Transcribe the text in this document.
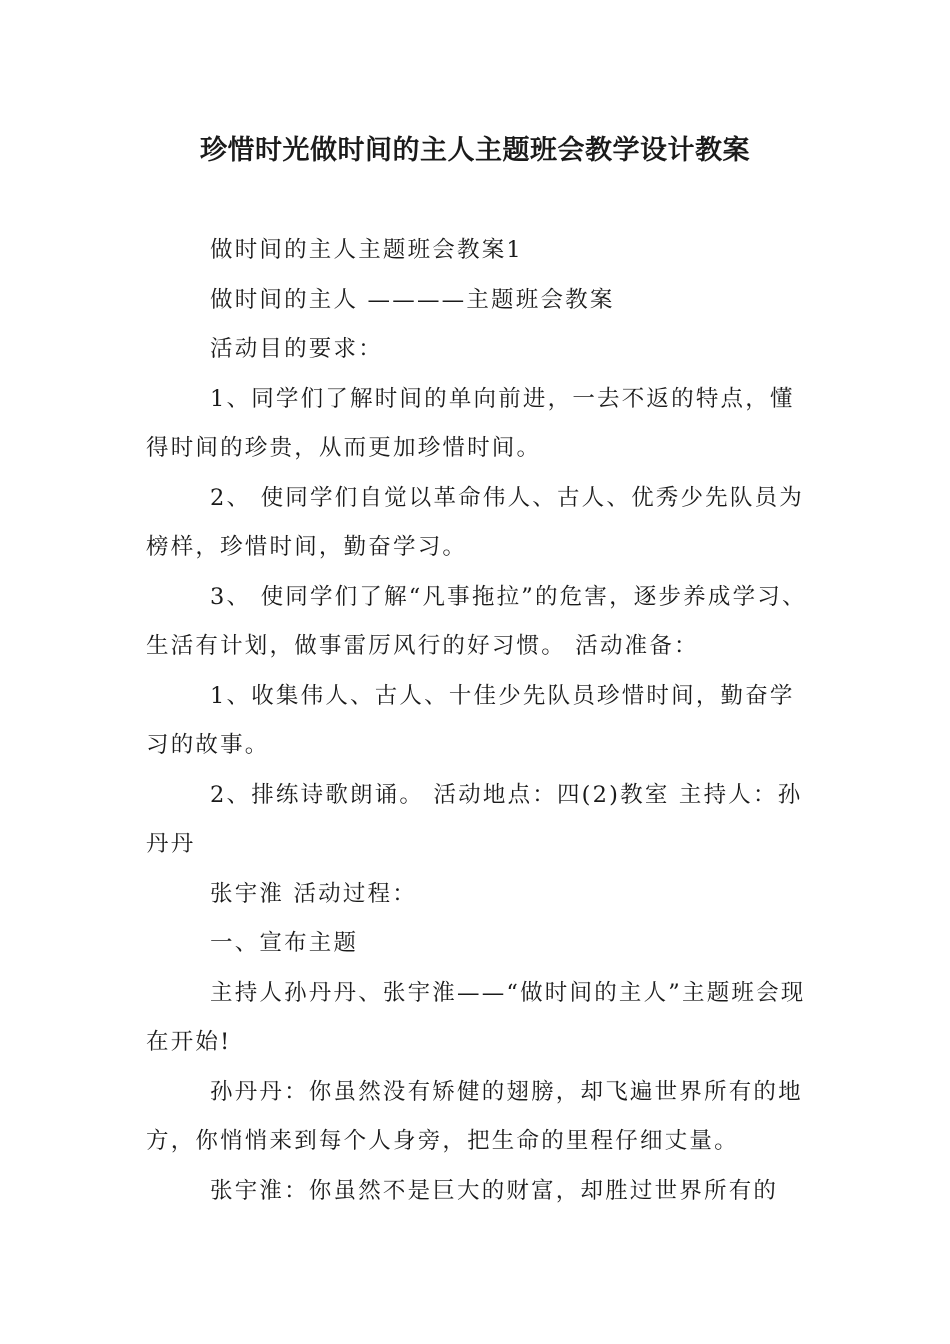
珍惜时光做时间的主人主题班会教学设计教案

做时间的主人主题班会教案1

做时间的主人 ————主题班会教案

活动目的要求：

1、同学们了解时间的单向前进，一去不返的特点，懂得时间的珍贵，从而更加珍惜时间。

2、 使同学们自觉以革命伟人、古人、优秀少先队员为榜样，珍惜时间，勤奋学习。

3、 使同学们了解“凡事拖拉”的危害，逐步养成学习、生活有计划，做事雷厉风行的好习惯。 活动准备：

1、收集伟人、古人、十佳少先队员珍惜时间，勤奋学习的故事。

2、排练诗歌朗诵。 活动地点：四(2)教室 主持人：孙丹丹

张宇淮 活动过程：

一、宣布主题

主持人孙丹丹、张宇淮——“做时间的主人”主题班会现在开始!

孙丹丹：你虽然没有矫健的翅膀，却飞遍世界所有的地方，你悄悄来到每个人身旁，把生命的里程仔细丈量。

张宇淮：你虽然不是巨大的财富，却胜过世界所有的
